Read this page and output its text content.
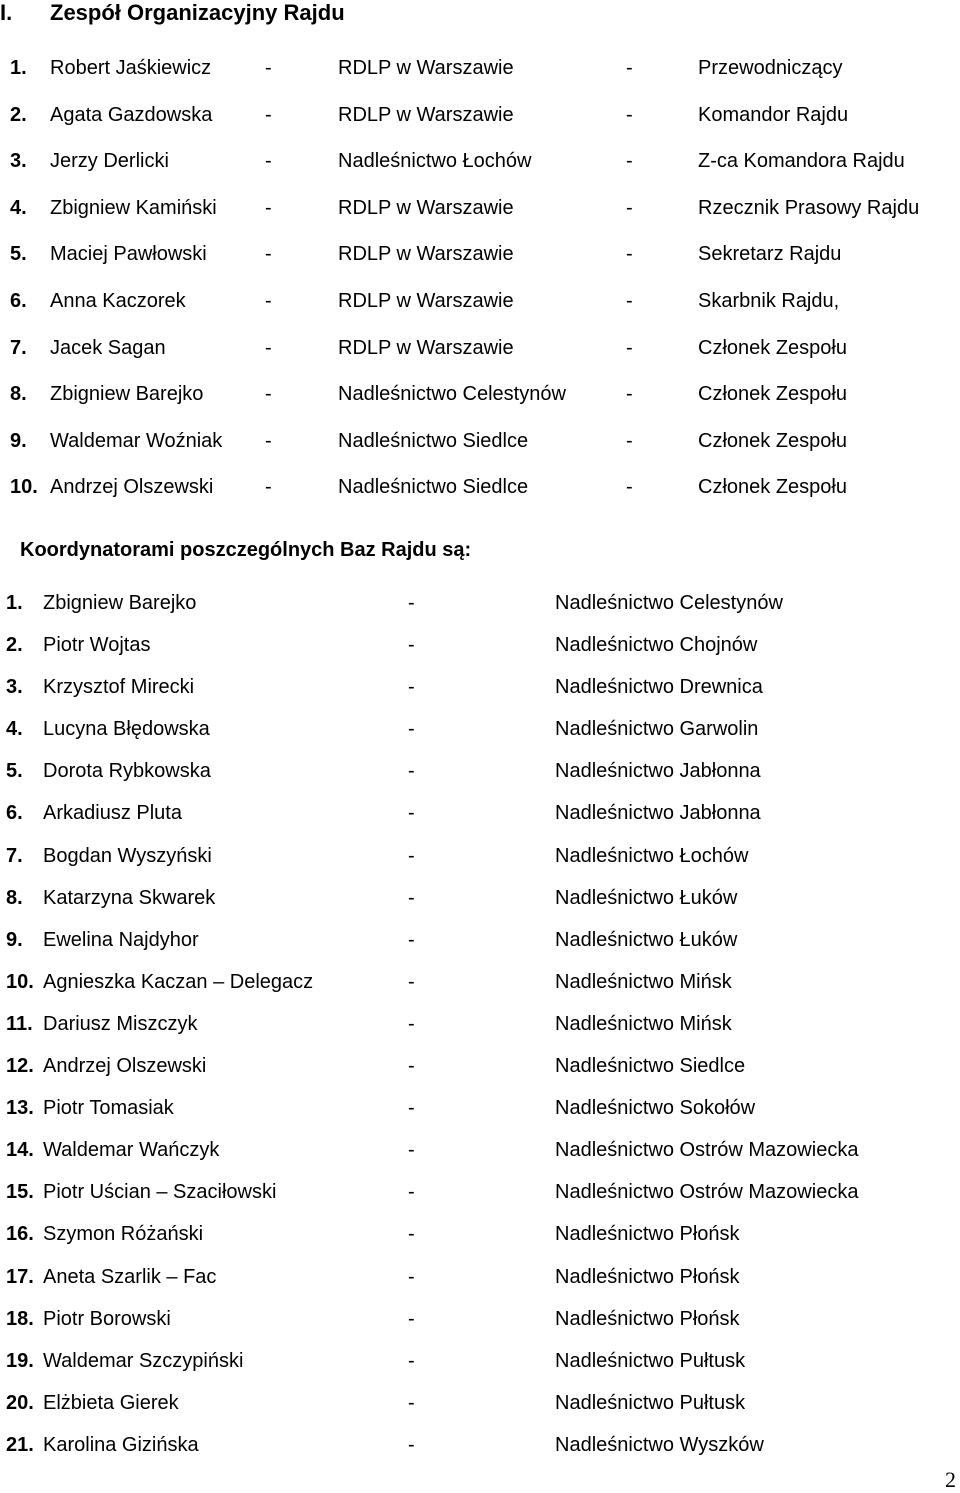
I. Zespół Organizacyjny Rajdu
1. Robert Jaśkiewicz	-	RDLP w Warszawie	-	Przewodniczący
2. Agata Gazdowska	-	RDLP w Warszawie	-	Komandor Rajdu
3. Jerzy Derlicki	-	Nadleśnictwo Łochów	-	Z-ca Komandora Rajdu
4. Zbigniew Kamiński -	RDLP w Warszawie	-	Rzecznik Prasowy Rajdu
5. Maciej Pawłowski	-	RDLP w Warszawie	-	Sekretarz Rajdu
6. Anna Kaczorek	-	RDLP w Warszawie	-	Skarbnik Rajdu,
7. Jacek Sagan	-	RDLP w Warszawie	-	Członek Zespołu
8. Zbigniew Barejko	-	Nadleśnictwo Celestynów	-	Członek Zespołu
9. Waldemar Woźniak -	Nadleśnictwo Siedlce	-	Członek Zespołu
10. Andrzej Olszewski	-	Nadleśnictwo Siedlce	-	Członek Zespołu
Koordynatorami poszczególnych Baz Rajdu są:
1. Zbigniew Barejko	-	Nadleśnictwo Celestynów
2. Piotr Wojtas	-	Nadleśnictwo Chojnów
3. Krzysztof Mirecki	-	Nadleśnictwo Drewnica
4. Lucyna Błędowska	-	Nadleśnictwo Garwolin
5. Dorota Rybkowska	-	Nadleśnictwo Jabłonna
6. Arkadiusz Pluta	-	Nadleśnictwo Jabłonna
7. Bogdan Wyszyński	-	Nadleśnictwo Łochów
8. Katarzyna Skwarek	-	Nadleśnictwo Łuków
9. Ewelina Najdyhor	-	Nadleśnictwo Łuków
10. Agnieszka Kaczan – Delegacz	-	Nadleśnictwo Mińsk
11. Dariusz Miszczyk	-	Nadleśnictwo Mińsk
12. Andrzej Olszewski	-	Nadleśnictwo Siedlce
13. Piotr Tomasiak	-	Nadleśnictwo Sokołów
14. Waldemar Wańczyk	-	Nadleśnictwo Ostrów Mazowiecka
15. Piotr Uścian – Szaciłowski	-	Nadleśnictwo Ostrów Mazowiecka
16. Szymon Różański	-	Nadleśnictwo Płońsk
17. Aneta Szarlik – Fac	-	Nadleśnictwo Płońsk
18. Piotr Borowski	-	Nadleśnictwo Płońsk
19. Waldemar Szczypiński	-	Nadleśnictwo Pułtusk
20. Elżbieta Gierek	-	Nadleśnictwo Pułtusk
21. Karolina Gizińska	-	Nadleśnictwo Wyszków
2
